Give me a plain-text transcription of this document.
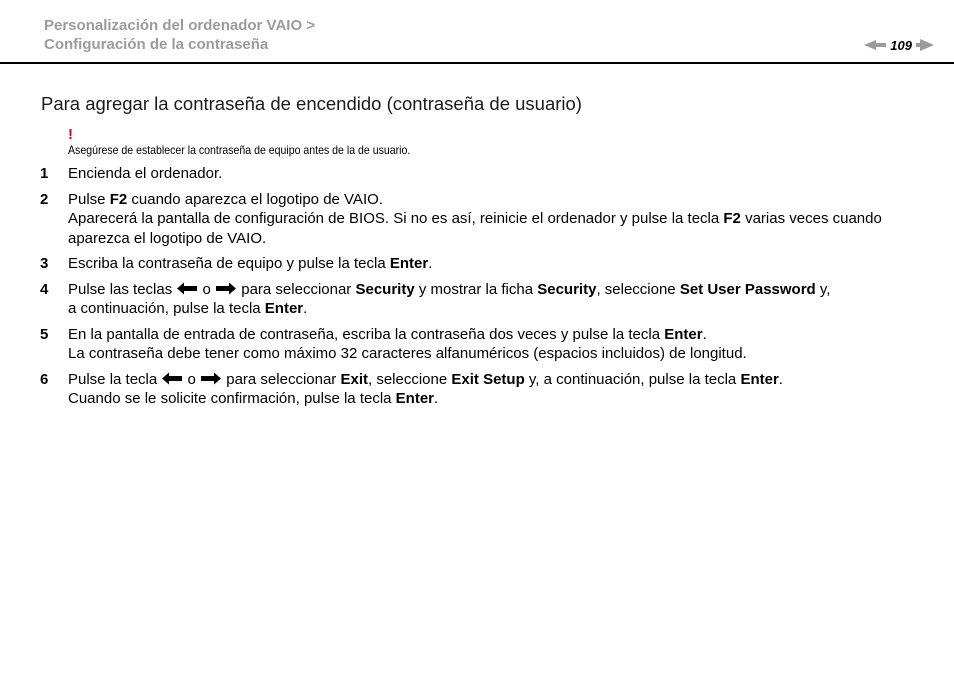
Personalización del ordenador VAIO >
Configuración de la contraseña	109
Para agregar la contraseña de encendido (contraseña de usuario)
!
Asegúrese de establecer la contraseña de equipo antes de la de usuario.
1 Encienda el ordenador.
2 Pulse F2 cuando aparezca el logotipo de VAIO.
Aparecerá la pantalla de configuración de BIOS. Si no es así, reinicie el ordenador y pulse la tecla F2 varias veces cuando
aparezca el logotipo de VAIO.
3 Escriba la contraseña de equipo y pulse la tecla Enter.
4 Pulse las teclas  o  para seleccionar Security y mostrar la ficha Security, seleccione Set User Password y,
a continuación, pulse la tecla Enter.
5 En la pantalla de entrada de contraseña, escriba la contraseña dos veces y pulse la tecla Enter.
La contraseña debe tener como máximo 32 caracteres alfanuméricos (espacios incluidos) de longitud.
6 Pulse la tecla  o  para seleccionar Exit, seleccione Exit Setup y, a continuación, pulse la tecla Enter.
Cuando se le solicite confirmación, pulse la tecla Enter.
